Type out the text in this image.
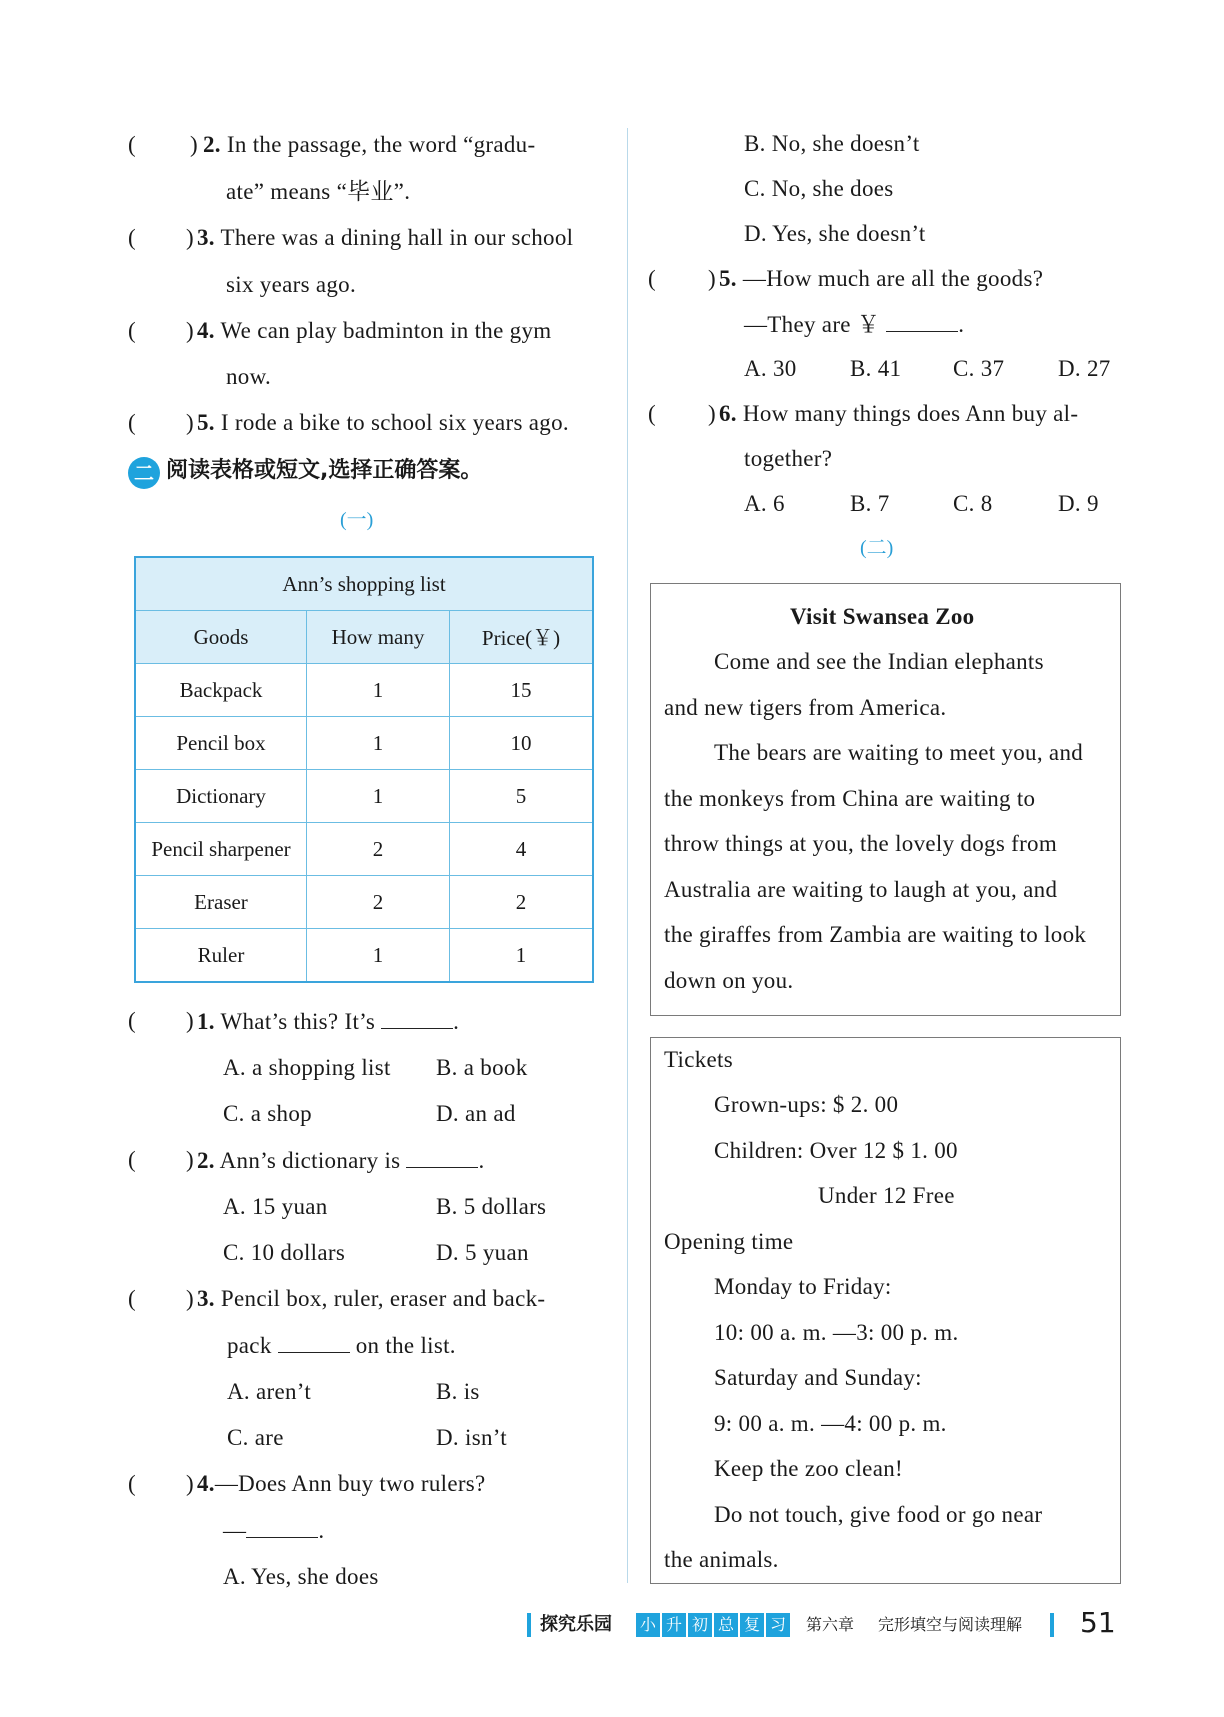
( ) 2. In the passage, the word “gradu-
ate” means “毕业”.
( ) 3. There was a dining hall in our school
six years ago.
( ) 4. We can play badminton in the gym
now.
( ) 5. I rode a bike to school six years ago.
二 阅读表格或短文,选择正确答案。
(一)
Ann’s shopping list		
Goods	How many	Price(￥)
Backpack	1	15
Pencil box	1	10
Dictionary	1	5
Pencil sharpener	2	4
Eraser	2	2
Ruler	1	1
( ) 1. What’s this? It’s	.
A. a shopping list B. a book
C. a shop	D. an ad
( ) 2. Ann’s dictionary is	.
A. 15 yuan	B. 5 dollars
C. 10 dollars	D. 5 yuan
( ) 3. Pencil box, ruler, eraser and back-
pack	on the list.
A. aren’t	B. is
C. are	D. isn’t
( ) 4.—Does Ann buy two rulers?
—	.
A. Yes, she does
B. No, she doesn’t
C. No, she does
D. Yes, she doesn’t
( ) 5. —How much are all the goods?
—They are ￥	.
A. 30 B. 41 C. 37 D. 27
( ) 6. How many things does Ann buy al-
together?
A. 6	B. 7	C. 8	D. 9
(二)
Visit Swansea Zoo
Come and see the Indian elephants
and new tigers from America.
The bears are waiting to meet you, and
the monkeys from China are waiting to
throw things at you, the lovely dogs from
Australia are waiting to laugh at you, and
the giraffes from Zambia are waiting to look
down on you.
Tickets
Grown-ups: $ 2. 00
Children: Over 12 $ 1. 00
Under 12 Free
Opening time
Monday to Friday:
10: 00 a. m. —3: 00 p. m.
Saturday and Sunday:
9: 00 a. m. —4: 00 p. m.
Keep the zoo clean!
Do not touch, give food or go near
the animals.
探究乐园 小 升 初 总 复 习	第六章 完形填空与阅读理解 51
